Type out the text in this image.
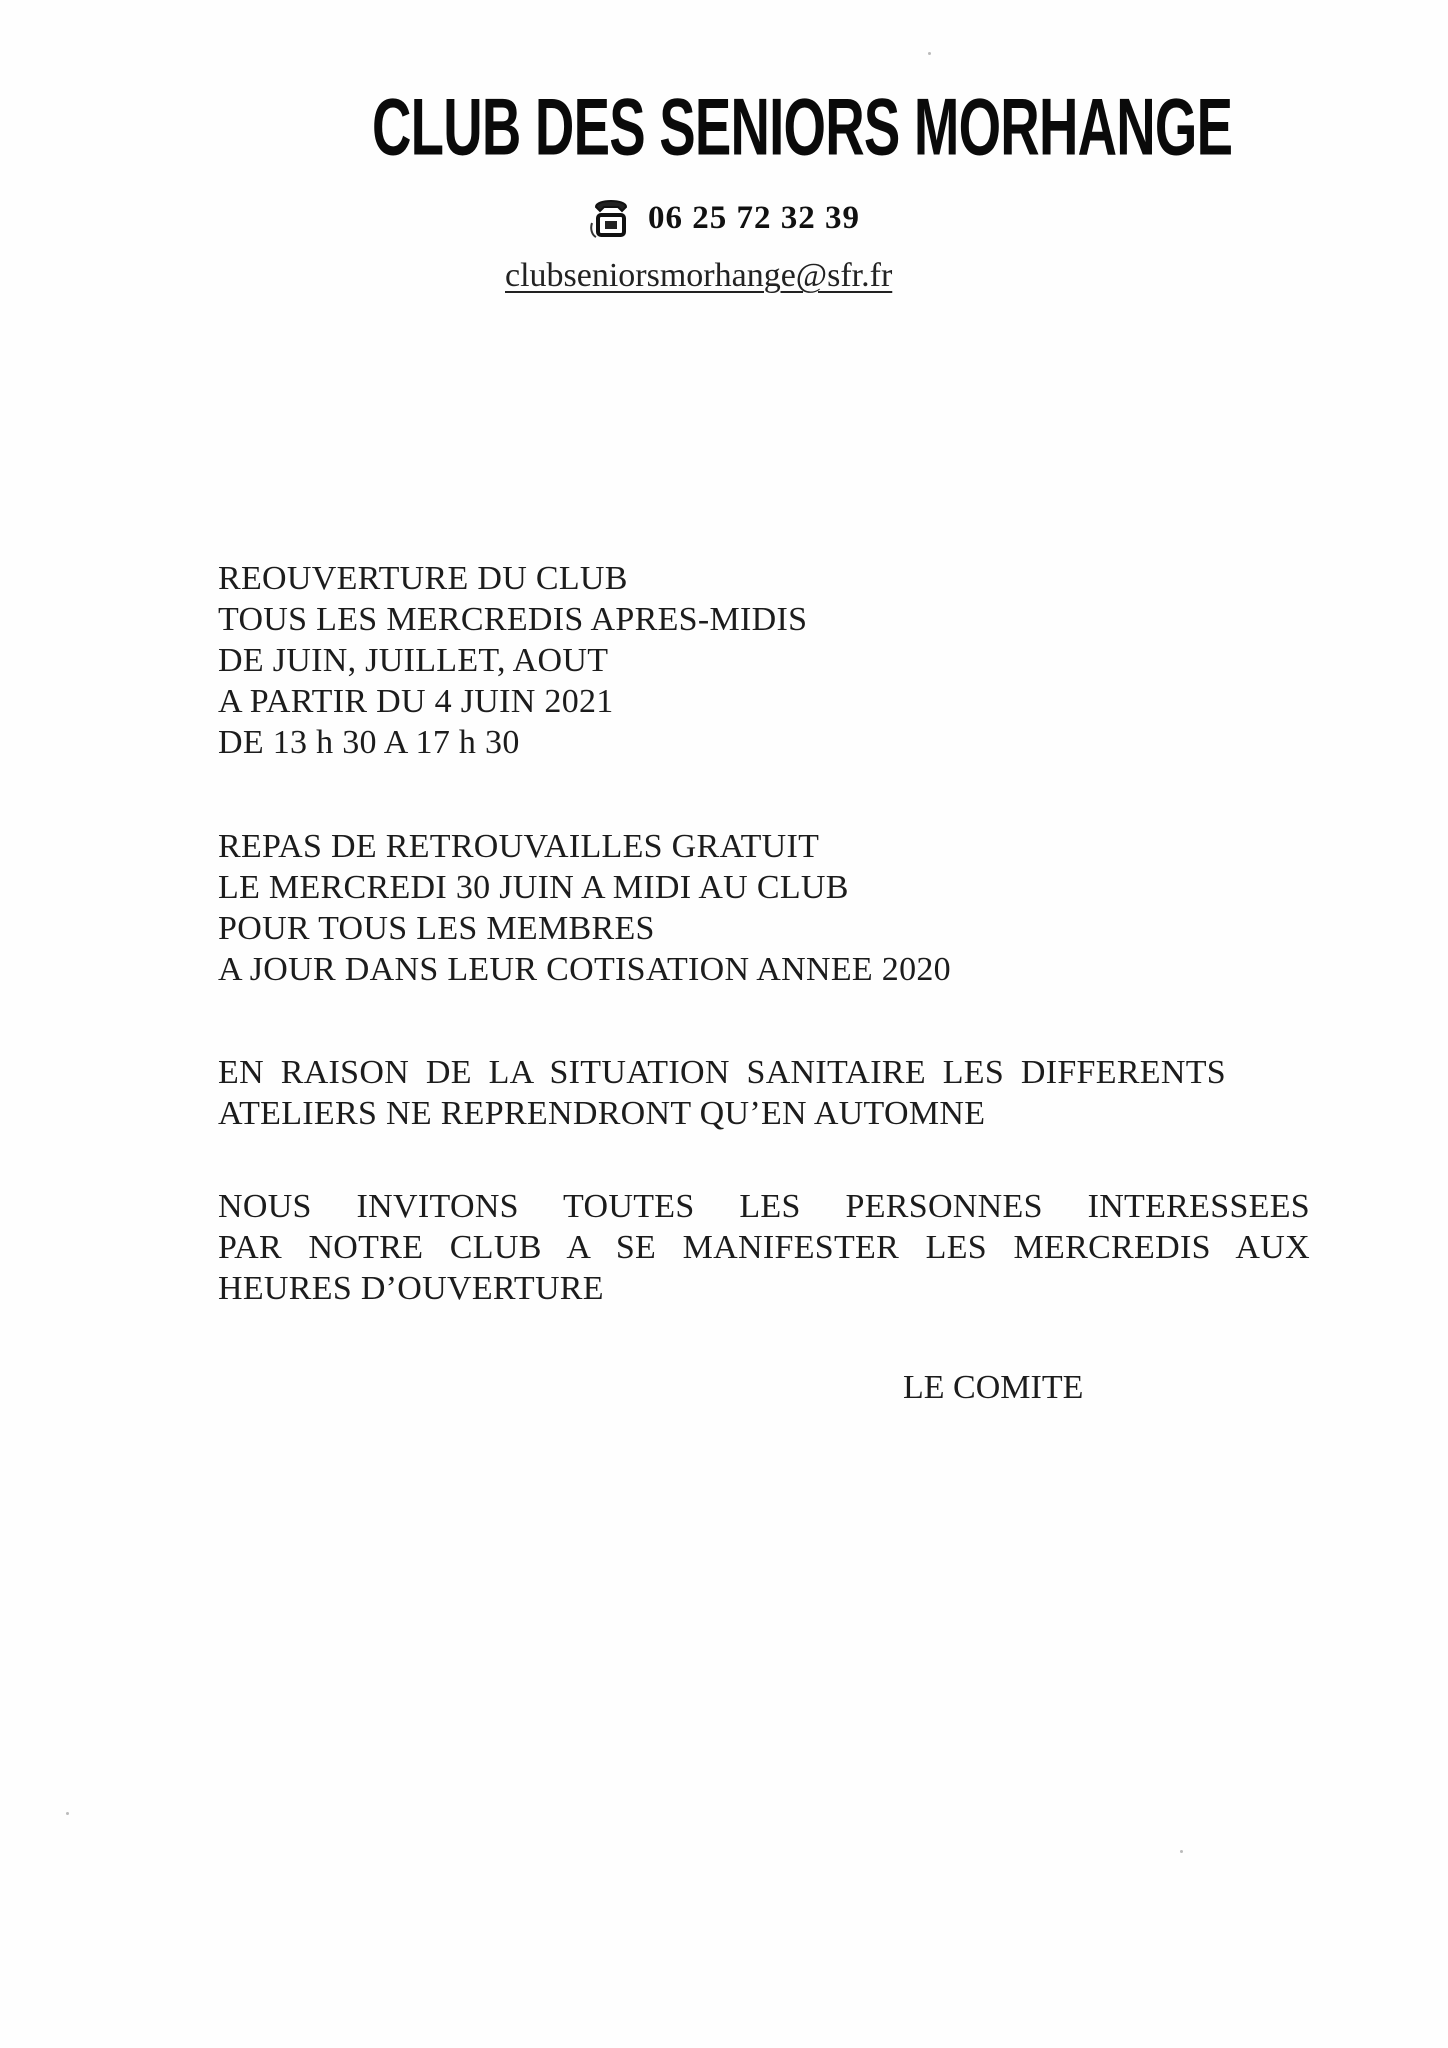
CLUB DES SENIORS MORHANGE
06 25 72 32 39
clubseniorsmorhange@sfr.fr

REOUVERTURE DU CLUB

TOUS LES MERCREDIS APRES-MIDIS

DE JUIN, JUILLET, AOUT

A PARTIR DU 4 JUIN 2021

DE 13 h 30 A 17 h 30

REPAS DE RETROUVAILLES GRATUIT

LE MERCREDI 30 JUIN A MIDI AU CLUB

POUR TOUS LES MEMBRES

A JOUR DANS LEUR COTISATION ANNEE 2020

EN RAISON DE LA SITUATION SANITAIRE LES DIFFERENTS

ATELIERS NE REPRENDRONT QU’EN AUTOMNE

NOUS INVITONS TOUTES LES PERSONNES INTERESSEES

PAR NOTRE CLUB A SE MANIFESTER LES MERCREDIS AUX

HEURES D’OUVERTURE

LE COMITE
